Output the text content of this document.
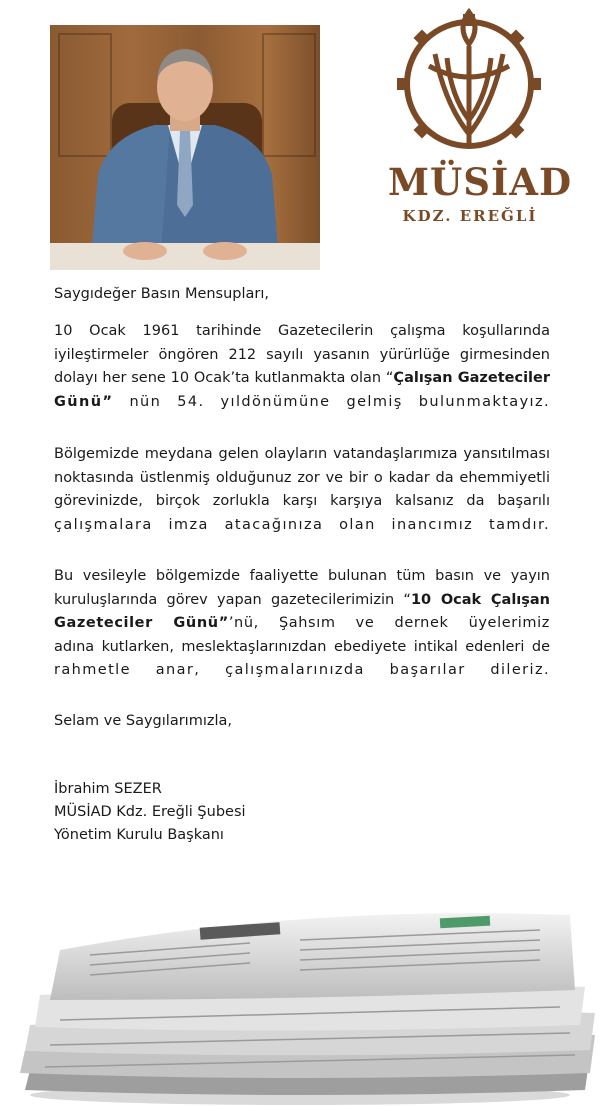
MÜSİAD
KDZ. EREĞLİ

Saygıdeğer Basın Mensupları,

10 Ocak 1961 tarihinde Gazetecilerin çalışma koşullarında
iyileştirmeler öngören 212 sayılı yasanın yürürlüğe girmesinden
dolayı her sene 10 Ocak’ta kutlanmakta olan “Çalışan Gazeteciler
Günü” nün 54. yıldönümüne gelmiş bulunmaktayız.
Bölgemizde meydana gelen olayların vatandaşlarımıza yansıtılması
noktasında üstlenmiş olduğunuz zor ve bir o kadar da ehemmiyetli
görevinizde, birçok zorlukla karşı karşıya kalsanız da başarılı
çalışmalara imza atacağınıza olan inancımız tamdır.
Bu vesileyle bölgemizde faaliyette bulunan tüm basın ve yayın
kuruluşlarında görev yapan gazetecilerimizin “10 Ocak Çalışan
Gazeteciler Günü”’nü, Şahsım ve dernek üyelerimiz
adına kutlarken, meslektaşlarınızdan ebediyete intikal edenleri de
rahmetle anar, çalışmalarınızda başarılar dileriz.

Selam ve Saygılarımızla,

İbrahim SEZER
MÜSİAD Kdz. Ereğli Şubesi
Yönetim Kurulu Başkanı
